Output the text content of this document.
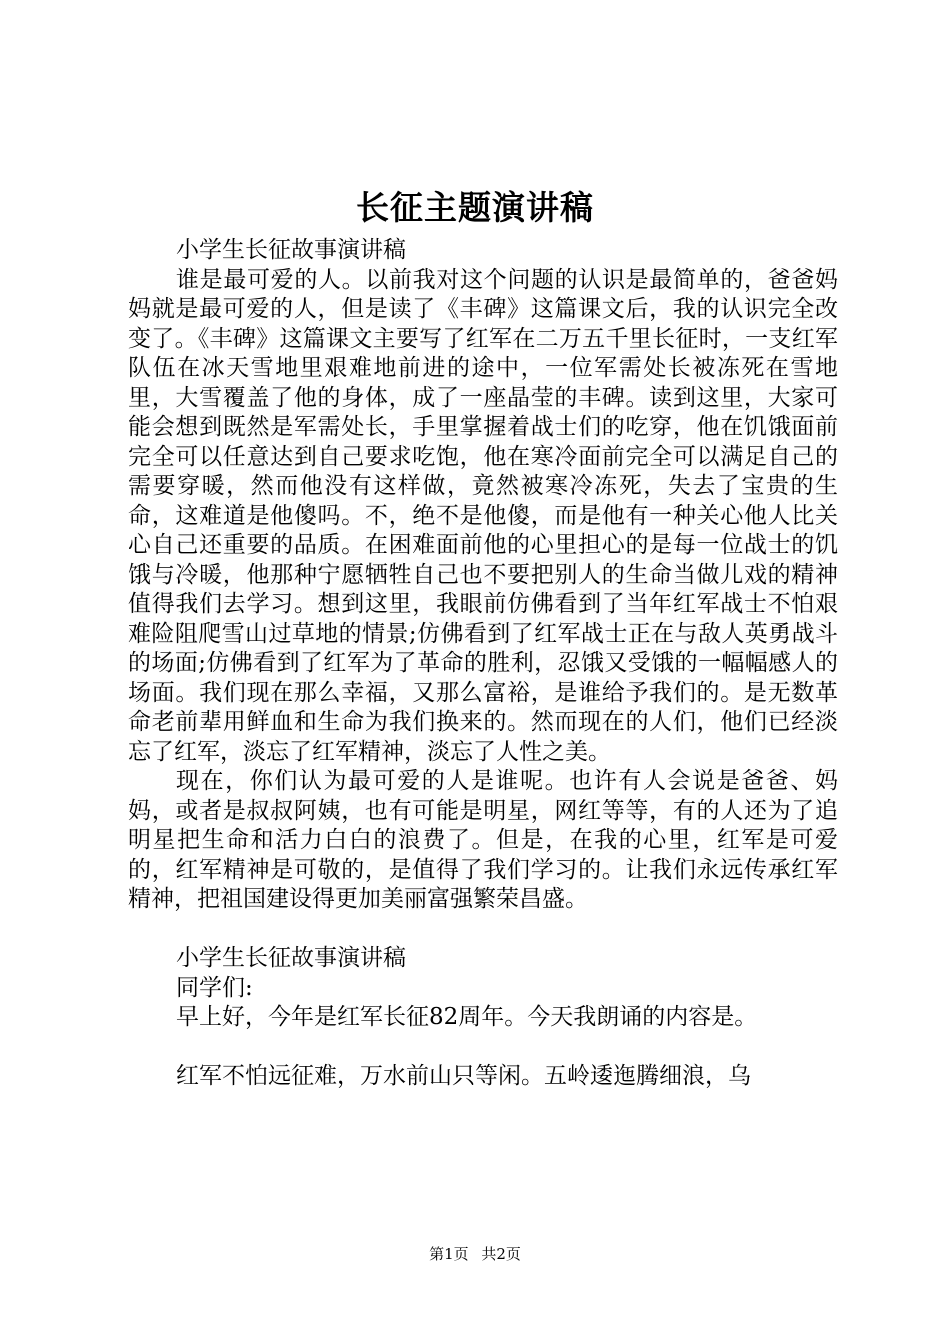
长征主题演讲稿

小学生长征故事演讲稿

谁是最可爱的人。以前我对这个问题的认识是最简单的，爸爸妈妈就是最可爱的人，但是读了《丰碑》这篇课文后，我的认识完全改变了。《丰碑》这篇课文主要写了红军在二万五千里长征时，一支红军队伍在冰天雪地里艰难地前进的途中，一位军需处长被冻死在雪地里，大雪覆盖了他的身体，成了一座晶莹的丰碑。读到这里，大家可能会想到既然是军需处长，手里掌握着战士们的吃穿，他在饥饿面前完全可以任意达到自己要求吃饱，他在寒冷面前完全可以满足自己的需要穿暖，然而他没有这样做，竟然被寒冷冻死，失去了宝贵的生命，这难道是他傻吗。不，绝不是他傻，而是他有一种关心他人比关心自己还重要的品质。在困难面前他的心里担心的是每一位战士的饥饿与冷暖，他那种宁愿牺牲自己也不要把别人的生命当做儿戏的精神值得我们去学习。想到这里，我眼前仿佛看到了当年红军战士不怕艰难险阻爬雪山过草地的情景;仿佛看到了红军战士正在与敌人英勇战斗的场面;仿佛看到了红军为了革命的胜利，忍饿又受饿的一幅幅感人的场面。我们现在那么幸福，又那么富裕，是谁给予我们的。是无数革命老前辈用鲜血和生命为我们换来的。然而现在的人们，他们已经淡忘了红军，淡忘了红军精神，淡忘了人性之美。

现在，你们认为最可爱的人是谁呢。也许有人会说是爸爸、妈妈，或者是叔叔阿姨，也有可能是明星，网红等等，有的人还为了追明星把生命和活力白白的浪费了。但是，在我的心里，红军是可爱的，红军精神是可敬的，是值得了我们学习的。让我们永远传承红军精神，把祖国建设得更加美丽富强繁荣昌盛。

小学生长征故事演讲稿

同学们:

早上好，今年是红军长征82周年。今天我朗诵的内容是。

红军不怕远征难，万水前山只等闲。五岭逶迤腾细浪，乌

第1页 共2页
